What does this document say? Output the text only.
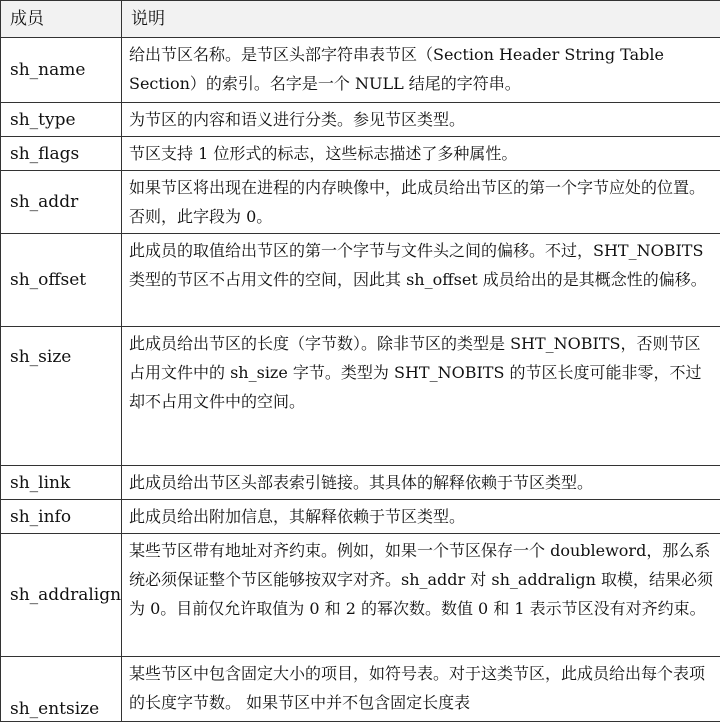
成员	说明
sh_name	给出节区名称。是节区头部字符串表节区（Section Header String Table Section）的索引。名字是一个 NULL 结尾的字符串。
sh_type	为节区的内容和语义进行分类。参见节区类型。
sh_flags	节区支持 1 位形式的标志，这些标志描述了多种属性。
sh_addr	如果节区将出现在进程的内存映像中，此成员给出节区的第一个字节应处的位置。否则，此字段为 0。
sh_offset	此成员的取值给出节区的第一个字节与文件头之间的偏移。不过，SHT_NOBITS 类型的节区不占用文件的空间，因此其 sh_offset 成员给出的是其概念性的偏移。
sh_size	此成员给出节区的长度（字节数）。除非节区的类型是 SHT_NOBITS，否则节区占用文件中的 sh_size 字节。类型为 SHT_NOBITS 的节区长度可能非零，不过却不占用文件中的空间。
sh_link	此成员给出节区头部表索引链接。其具体的解释依赖于节区类型。
sh_info	此成员给出附加信息，其解释依赖于节区类型。
sh_addralign	某些节区带有地址对齐约束。例如，如果一个节区保存一个 doubleword，那么系统必须保证整个节区能够按双字对齐。sh_addr 对 sh_addralign 取模，结果必须为 0。目前仅允许取值为 0 和 2 的幂次数。数值 0 和 1 表示节区没有对齐约束。
sh_entsize	某些节区中包含固定大小的项目，如符号表。对于这类节区，此成员给出每个表项的长度字节数。 如果节区中并不包含固定长度表
